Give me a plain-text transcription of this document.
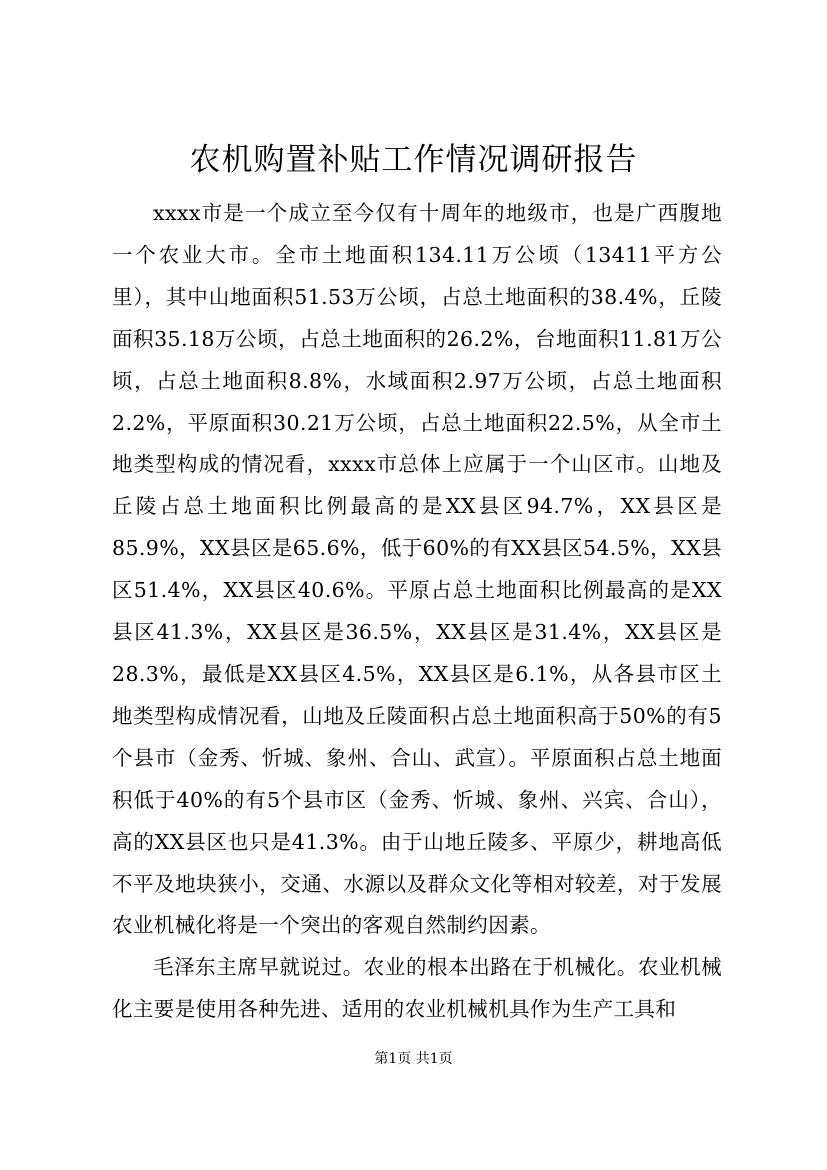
农机购置补贴工作情况调研报告

xxxx市是一个成立至今仅有十周年的地级市，也是广西腹地一个农业大市。全市土地面积134.11万公顷（13411平方公里），其中山地面积51.53万公顷，占总土地面积的38.4%，丘陵面积35.18万公顷，占总土地面积的26.2%，台地面积11.81万公顷，占总土地面积8.8%，水域面积2.97万公顷，占总土地面积2.2%，平原面积30.21万公顷，占总土地面积22.5%，从全市土地类型构成的情况看，xxxx市总体上应属于一个山区市。山地及丘陵占总土地面积比例最高的是XX县区94.7%，XX县区是85.9%，XX县区是65.6%，低于60%的有XX县区54.5%，XX县区51.4%，XX县区40.6%。平原占总土地面积比例最高的是XX县区41.3%，XX县区是36.5%，XX县区是31.4%，XX县区是28.3%，最低是XX县区4.5%，XX县区是6.1%，从各县市区土地类型构成情况看，山地及丘陵面积占总土地面积高于50%的有5个县市（金秀、忻城、象州、合山、武宣）。平原面积占总土地面积低于40%的有5个县市区（金秀、忻城、象州、兴宾、合山），高的XX县区也只是41.3%。由于山地丘陵多、平原少，耕地高低不平及地块狭小，交通、水源以及群众文化等相对较差，对于发展农业机械化将是一个突出的客观自然制约因素。

毛泽东主席早就说过。农业的根本出路在于机械化。农业机械化主要是使用各种先进、适用的农业机械机具作为生产工具和

第1页 共1页
